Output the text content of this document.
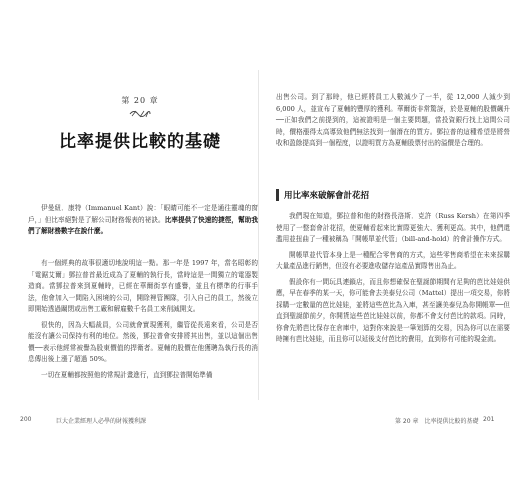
第 20 章
比率提供比較的基礎

伊曼紐．康特（Immanuel Kant）說：「眼睛可能不一定是通往靈魂的窗戶，」但比率絕對是了解公司財務報表的祕訣。比率提供了快速的捷徑，幫助我們了解財務數字在說什麼。

有一個經典的故事很適切地說明這一點。那一年是 1997 年，當名昭彰的「電鋸艾爾」鄧拉普首最近成為了夏輔的執行長，當時這是一間獨立的電器製造商。當鄧拉普來到夏輔時，已經在華爾街享有盛譽，並且有標準的行事手法，他會加入一間陷入困境的公司，開除裡管團隊，引入自己的員工，然後立即開始透過關閉或出售工廠和解雇數千名員工來削減開支。

很快的，因為大幅裁員，公司就會實現獲利，繼管從長遠來看，公司是否能沒有讓公司保持有利的地位。然後，鄧拉普會安排將其出售，並以這個出售價──表示他經常被譽為股東價值的捍衛者。夏輔的股價在他獲聘為執行長的消息傳出後上漲了超過 50%。

一切在夏輔都按照他的常規計畫進行，直到鄧拉普開始準備

出售公司。到了那時，他已經將員工人數減少了一半，從 12,000 人減少到 6,000 人，並宣布了夏輔的豐厚的獲利。華爾街非常驚訝，於是夏輔的股價飆升──正如我們之前提到的，這被證明是一個主要問題，當投資銀行找上這間公司時，價格漲得太高導致他們無法找到一個潛在的買方。鄧拉普的這種希望是將營收和盈餘提高到一個程度，以證明買方為夏輔股票付出的溢價是合理的。

用比率來破解會計花招

我們現在知道，鄧拉普和他的財務長洛斯．克許（Russ Kersh）在第四季使用了一整套會計花招，使夏輔看起來比實際更強大、獲利更高。其中，他們還濫用並扭曲了一種被稱為「開帳單並代管」（bill-and-hold）的會計操作方式。

開帳單並代管本身上是一種配合零售商的方式，這些零售商希望在未來採購大量產品進行銷售，但沒有必要進收儲存這產品實際售出為止。

假設你有一間玩具連鎖店，而且你想確保在聖誕節期間有足夠的芭比娃娃供應，早在春季的某一天，你可能會去美泰兒公司（Mattel）提出一項交易，你將採購一定數量的芭比娃娃，並將這些芭比為入庫，甚至讓美泰兒為你開帳單──但直到聖誕節前夕，你開貨這些芭比娃娃以前，你都不會支付芭比的款項。同時，你會先將芭比保存在倉庫中，這對你來說是一筆划算的交易，因為你可以在需要時擁有芭比娃娃，而且你可以延後支付芭比的費用，直到你有可能的現金流。

200	巨大企業經理人必學的財報獲利課	第 20 章　比率提供比較的基礎 201
